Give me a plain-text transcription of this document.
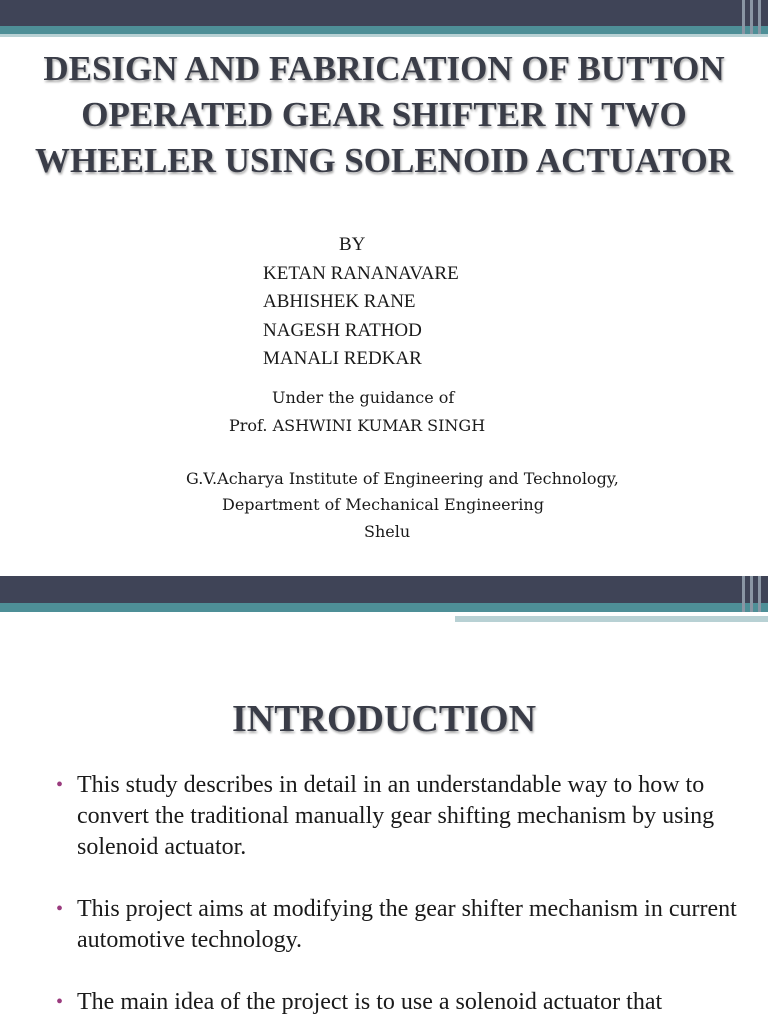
DESIGN AND FABRICATION OF BUTTON OPERATED GEAR SHIFTER IN TWO WHEELER USING SOLENOID ACTUATOR
BY
KETAN RANANAVARE
ABHISHEK RANE
NAGESH RATHOD
MANALI REDKAR
Under the guidance of
Prof. ASHWINI KUMAR SINGH
G.V.Acharya Institute of Engineering and Technology,
Department of Mechanical Engineering
Shelu
INTRODUCTION
• This study describes in detail in an understandable way to how to convert the traditional manually gear shifting mechanism by using solenoid actuator.
• This project aims at modifying the gear shifter mechanism in current automotive technology.
• The main idea of the project is to use a solenoid actuator that
